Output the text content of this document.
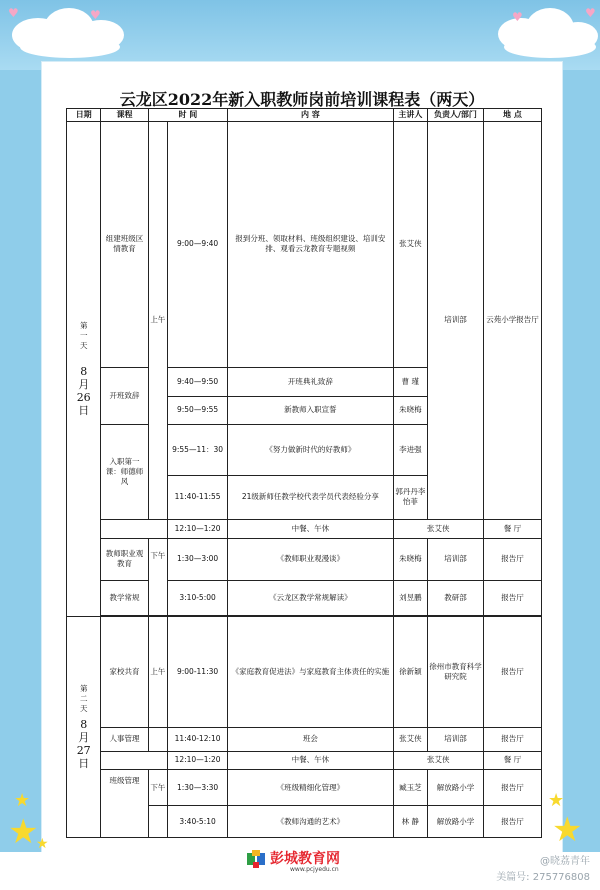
♥	♥	♥
♥
云龙区2022年新入职教师岗前培训课程表（两天）
日期	课程	时 间		内 容	主讲人	负责人/部门	地 点
第一天
8月26日	组建班级区情教育	上午	9:00—9:40	报到分班、领取材料、班级组织建设、培训安排、观看云龙教育专题视频	张艾侠	培训部	云苑小学报告厅
	开班致辞		9:40—9:50	开班典礼致辞	曹 瑾		
			9:50—9:55	新教师入职宣誓	朱晓梅		
	入职第一课：师德师风		9:55—11：30	《努力做新时代的好教师》	李进强		
			11:40-11:55	21级新师任教学校代表学员代表经验分享	郭丹丹李怡菲		
			12:10—1:20	中餐、午休	张艾侠		餐 厅
	教师职业观教育	下午	1:30—3:00	《教师职业观漫谈》	朱晓梅	培训部	报告厅
	教学常规		3:10-5:00	《云龙区教学常规解读》	刘昱鹏	教研部	报告厅

第二天
8月27日	家校共育	上午	9:00-11:30	《家庭教育促进法》与家庭教育主体责任的实施	徐新颖	徐州市教育科学研究院	报告厅
	人事管理		11:40-12:10	班会	张艾侠	培训部	报告厅
			12:10—1:20	中餐、午休	张艾侠		餐 厅
	班级管理	下午	1:30—3:30	《班级精细化管理》	臧玉芝	解放路小学	报告厅
			3:40-5:10	《教师沟通的艺术》	林 静	解放路小学	报告厅
★
★
★
★
★
彭城教育网
www.pcjyedu.cn
@晓荔青年
美篇号: 275776808
